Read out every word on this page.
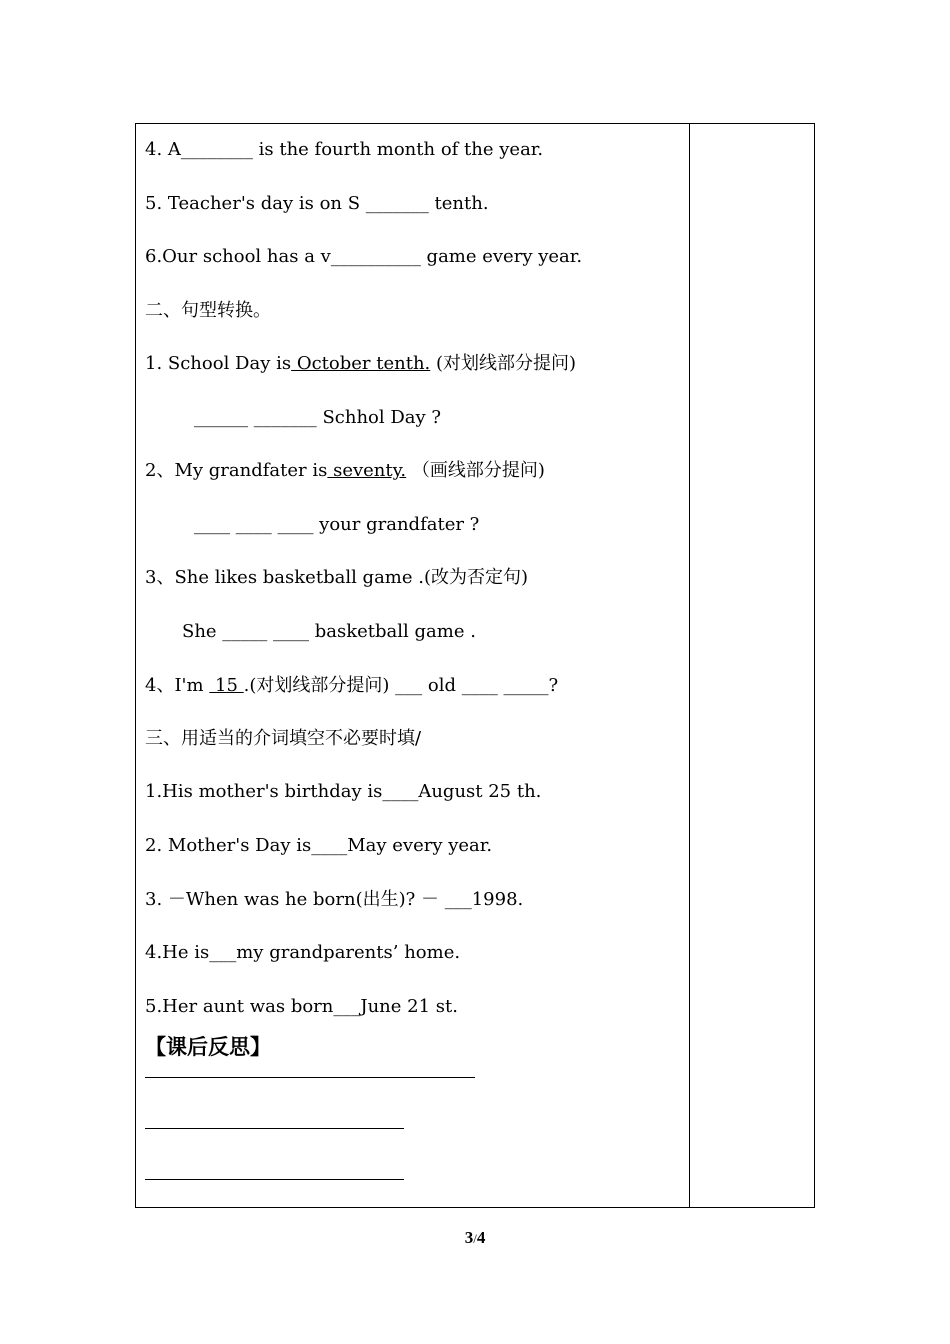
4. A________ is the fourth month of the year.
5. Teacher's day is on S _______ tenth.
6.Our school has a v__________ game every year.
二、句型转换。
1. School Day is October tenth. (对划线部分提问)
______ _______ Schhol Day ?
2、My grandfater is seventy. （画线部分提问)
____ ____ ____ your grandfater ?
3、She likes basketball game .(改为否定句)
She _____ ____ basketball game .
4、I'm  15 .(对划线部分提问) ___ old ____ _____?
三、用适当的介词填空不必要时填/
1.His mother's birthday is____August 25 th.
2. Mother's Day is____May every year.
3. －When was he born(出生)? － ___1998.
4.He is___my grandparents’ home.
5.Her aunt was born___June 21 st.
【课后反思】
3/4
